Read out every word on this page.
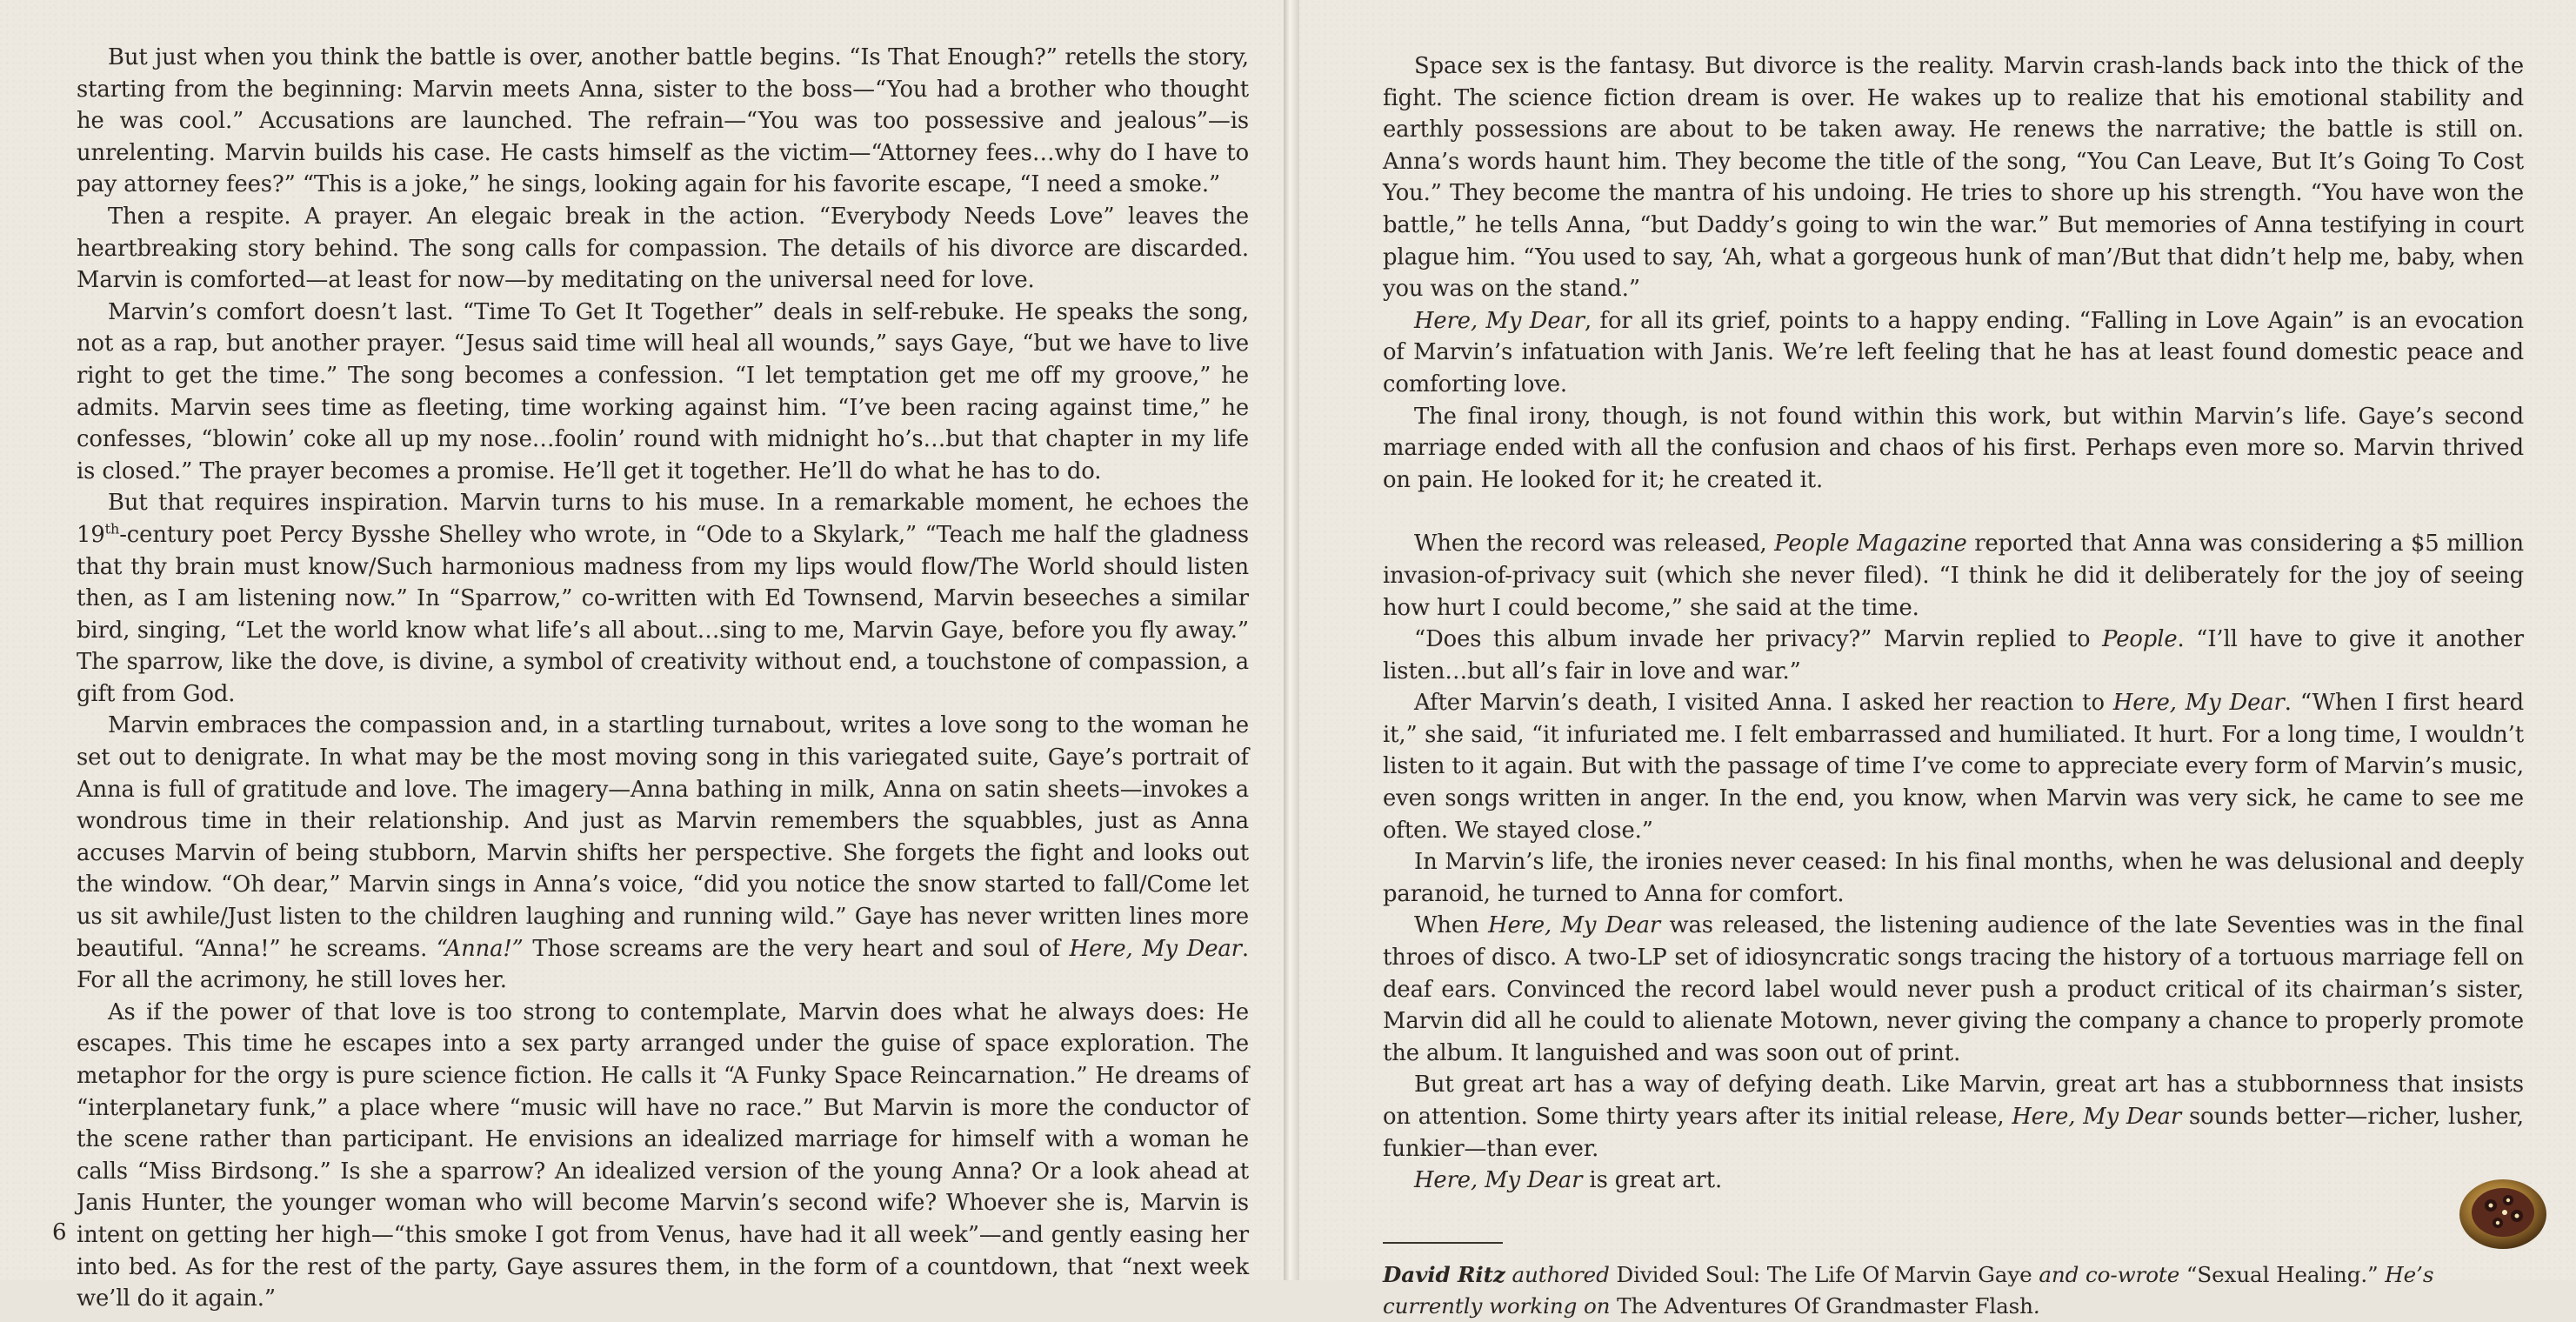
But just when you think the battle is over, another battle begins. “Is That Enough?” retells the story, starting from the beginning: Marvin meets Anna, sister to the boss—“You had a brother who thought he was cool.” Accusations are launched. The refrain—“You was too possessive and jealous”—is unrelenting. Marvin builds his case. He casts himself as the victim—“Attorney fees…why do I have to pay attorney fees?” “This is a joke,” he sings, looking again for his favorite escape, “I need a smoke.”

Then a respite. A prayer. An elegaic break in the action. “Everybody Needs Love” leaves the heartbreaking story behind. The song calls for compassion. The details of his divorce are discarded. Marvin is comforted—at least for now—by meditating on the universal need for love.

Marvin’s comfort doesn’t last. “Time To Get It Together” deals in self-rebuke. He speaks the song, not as a rap, but another prayer. “Jesus said time will heal all wounds,” says Gaye, “but we have to live right to get the time.” The song becomes a confession. “I let temptation get me off my groove,” he admits. Marvin sees time as fleeting, time working against him. “I’ve been racing against time,” he confesses, “blowin’ coke all up my nose…foolin’ round with midnight ho’s…but that chapter in my life is closed.” The prayer becomes a promise. He’ll get it together. He’ll do what he has to do.

But that requires inspiration. Marvin turns to his muse. In a remarkable moment, he echoes the 19th-century poet Percy Bysshe Shelley who wrote, in “Ode to a Skylark,” “Teach me half the gladness that thy brain must know/Such harmonious madness from my lips would flow/The World should listen then, as I am listening now.” In “Sparrow,” co-written with Ed Townsend, Marvin beseeches a similar bird, singing, “Let the world know what life’s all about…sing to me, Marvin Gaye, before you fly away.” The sparrow, like the dove, is divine, a symbol of creativity without end, a touchstone of compassion, a gift from God.

Marvin embraces the compassion and, in a startling turnabout, writes a love song to the woman he set out to denigrate. In what may be the most moving song in this variegated suite, Gaye’s portrait of Anna is full of gratitude and love. The imagery—Anna bathing in milk, Anna on satin sheets—invokes a wondrous time in their relationship. And just as Marvin remembers the squabbles, just as Anna accuses Marvin of being stubborn, Marvin shifts her perspective. She forgets the fight and looks out the window. “Oh dear,” Marvin sings in Anna’s voice, “did you notice the snow started to fall/Come let us sit awhile/Just listen to the children laughing and running wild.” Gaye has never written lines more beautiful. “Anna!” he screams. “Anna!” Those screams are the very heart and soul of Here, My Dear. For all the acrimony, he still loves her.

As if the power of that love is too strong to contemplate, Marvin does what he always does: He escapes. This time he escapes into a sex party arranged under the guise of space exploration. The metaphor for the orgy is pure science fiction. He calls it “A Funky Space Reincarnation.” He dreams of “interplanetary funk,” a place where “music will have no race.” But Marvin is more the conductor of the scene rather than participant. He envisions an idealized marriage for himself with a woman he calls “Miss Birdsong.” Is she a sparrow? An idealized version of the young Anna? Or a look ahead at Janis Hunter, the younger woman who will become Marvin’s second wife? Whoever she is, Marvin is intent on getting her high—“this smoke I got from Venus, have had it all week”—and gently easing her into bed. As for the rest of the party, Gaye assures them, in the form of a countdown, that “next week we’ll do it again.”

6

Space sex is the fantasy. But divorce is the reality. Marvin crash-lands back into the thick of the fight. The science fiction dream is over. He wakes up to realize that his emotional stability and earthly possessions are about to be taken away. He renews the narrative; the battle is still on. Anna’s words haunt him. They become the title of the song, “You Can Leave, But It’s Going To Cost You.” They become the mantra of his undoing. He tries to shore up his strength. “You have won the battle,” he tells Anna, “but Daddy’s going to win the war.” But memories of Anna testifying in court plague him. “You used to say, ‘Ah, what a gorgeous hunk of man’/But that didn’t help me, baby, when you was on the stand.”

Here, My Dear, for all its grief, points to a happy ending. “Falling in Love Again” is an evocation of Marvin’s infatuation with Janis. We’re left feeling that he has at least found domestic peace and comforting love.

The final irony, though, is not found within this work, but within Marvin’s life. Gaye’s second marriage ended with all the confusion and chaos of his first. Perhaps even more so. Marvin thrived on pain. He looked for it; he created it.

When the record was released, People Magazine reported that Anna was considering a $5 million invasion-of-privacy suit (which she never filed). “I think he did it deliberately for the joy of seeing how hurt I could become,” she said at the time.

“Does this album invade her privacy?” Marvin replied to People. “I’ll have to give it another listen…but all’s fair in love and war.”

After Marvin’s death, I visited Anna. I asked her reaction to Here, My Dear. “When I first heard it,” she said, “it infuriated me. I felt embarrassed and humiliated. It hurt. For a long time, I wouldn’t listen to it again. But with the passage of time I’ve come to appreciate every form of Marvin’s music, even songs written in anger. In the end, you know, when Marvin was very sick, he came to see me often. We stayed close.”

In Marvin’s life, the ironies never ceased: In his final months, when he was delusional and deeply paranoid, he turned to Anna for comfort.

When Here, My Dear was released, the listening audience of the late Seventies was in the final throes of disco. A two-LP set of idiosyncratic songs tracing the history of a tortuous marriage fell on deaf ears. Convinced the record label would never push a product critical of its chairman’s sister, Marvin did all he could to alienate Motown, never giving the company a chance to properly promote the album. It languished and was soon out of print.

But great art has a way of defying death. Like Marvin, great art has a stubbornness that insists on attention. Some thirty years after its initial release, Here, My Dear sounds better—richer, lusher, funkier—than ever.

Here, My Dear is great art.

David Ritz authored Divided Soul: The Life Of Marvin Gaye and co-wrote “Sexual Healing.” He’s currently working on The Adventures Of Grandmaster Flash.
